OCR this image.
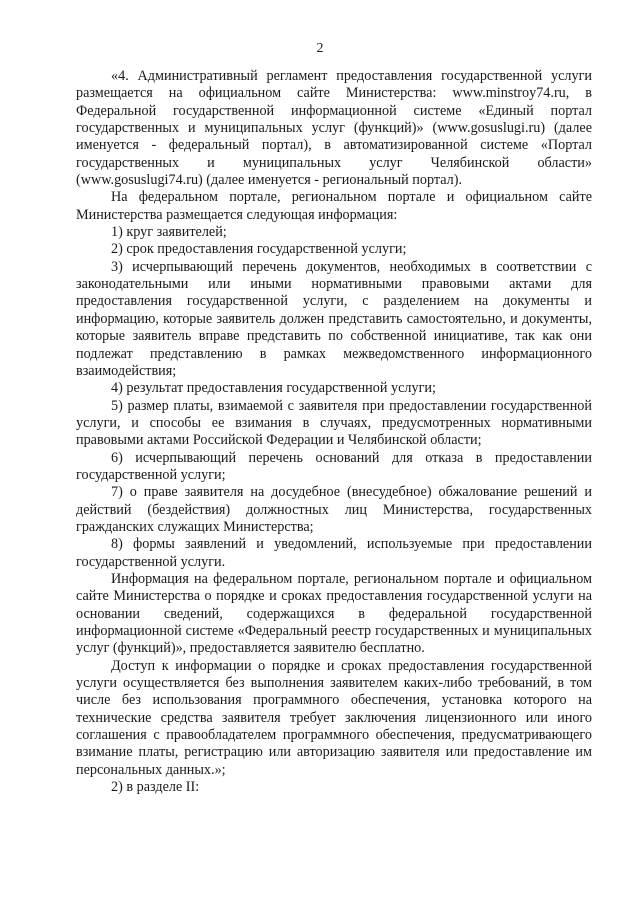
2

«4. Административный регламент предоставления государственной услуги размещается на официальном сайте Министерства: www.minstroy74.ru, в Федеральной государственной информационной системе «Единый портал государственных и муниципальных услуг (функций)» (www.gosuslugi.ru) (далее именуется - федеральный портал), в автоматизированной системе «Портал государственных и муниципальных услуг Челябинской области» (www.gosuslugi74.ru) (далее именуется - региональный портал).

На федеральном портале, региональном портале и официальном сайте Министерства размещается следующая информация:

1) круг заявителей;

2) срок предоставления государственной услуги;

3) исчерпывающий перечень документов, необходимых в соответствии с законодательными или иными нормативными правовыми актами для предоставления государственной услуги, с разделением на документы и информацию, которые заявитель должен представить самостоятельно, и документы, которые заявитель вправе представить по собственной инициативе, так как они подлежат представлению в рамках межведомственного информационного взаимодействия;

4) результат предоставления государственной услуги;

5) размер платы, взимаемой с заявителя при предоставлении государственной услуги, и способы ее взимания в случаях, предусмотренных нормативными правовыми актами Российской Федерации и Челябинской области;

6) исчерпывающий перечень оснований для отказа в предоставлении государственной услуги;

7) о праве заявителя на досудебное (внесудебное) обжалование решений и действий (бездействия) должностных лиц Министерства, государственных гражданских служащих Министерства;

8) формы заявлений и уведомлений, используемые при предоставлении государственной услуги.

Информация на федеральном портале, региональном портале и официальном сайте Министерства о порядке и сроках предоставления государственной услуги на основании сведений, содержащихся в федеральной государственной информационной системе «Федеральный реестр государственных и муниципальных услуг (функций)», предоставляется заявителю бесплатно.

Доступ к информации о порядке и сроках предоставления государственной услуги осуществляется без выполнения заявителем каких-либо требований, в том числе без использования программного обеспечения, установка которого на технические средства заявителя требует заключения лицензионного или иного соглашения с правообладателем программного обеспечения, предусматривающего взимание платы, регистрацию или авторизацию заявителя или предоставление им персональных данных.»;

2) в разделе II:
